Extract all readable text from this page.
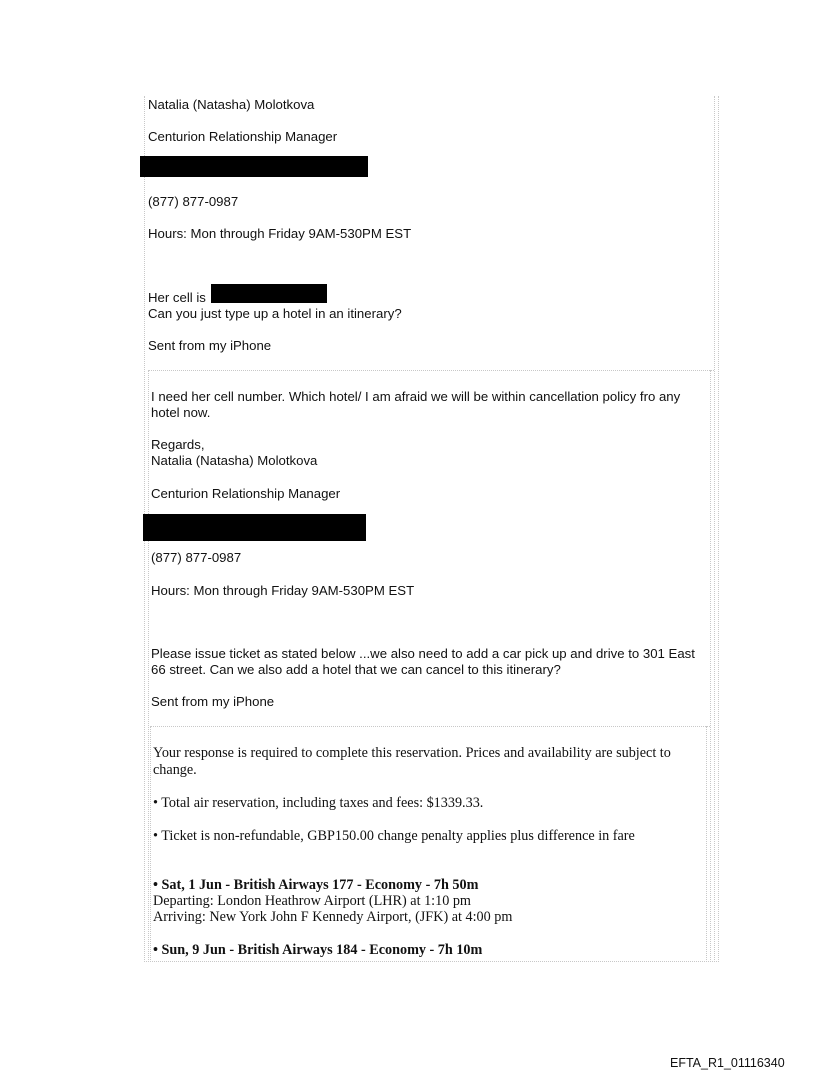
Natalia (Natasha) Molotkova

Centurion Relationship Manager

(877) 877-0987

Hours: Mon through Friday 9AM-530PM EST

Her cell is

Can you just type up a hotel in an itinerary?

Sent from my iPhone

I need her cell number. Which hotel/ I am afraid we will be within cancellation policy fro any hotel now.

Regards,

Natalia (Natasha) Molotkova

Centurion Relationship Manager

(877) 877-0987

Hours: Mon through Friday 9AM-530PM EST

Please issue ticket as stated below ...we also need to add a car pick up and drive to 301 East 66 street. Can we also add a hotel that we can cancel to this itinerary?

Sent from my iPhone

Your response is required to complete this reservation. Prices and availability are subject to change.

• Total air reservation, including taxes and fees: $1339.33.

• Ticket is non-refundable, GBP150.00 change penalty applies plus difference in fare

• Sat, 1 Jun - British Airways 177 - Economy - 7h 50m

Departing: London Heathrow Airport (LHR) at 1:10 pm

Arriving: New York John F Kennedy Airport, (JFK) at 4:00 pm

• Sun, 9 Jun - British Airways 184 - Economy - 7h 10m

EFTA_R1_01116340
